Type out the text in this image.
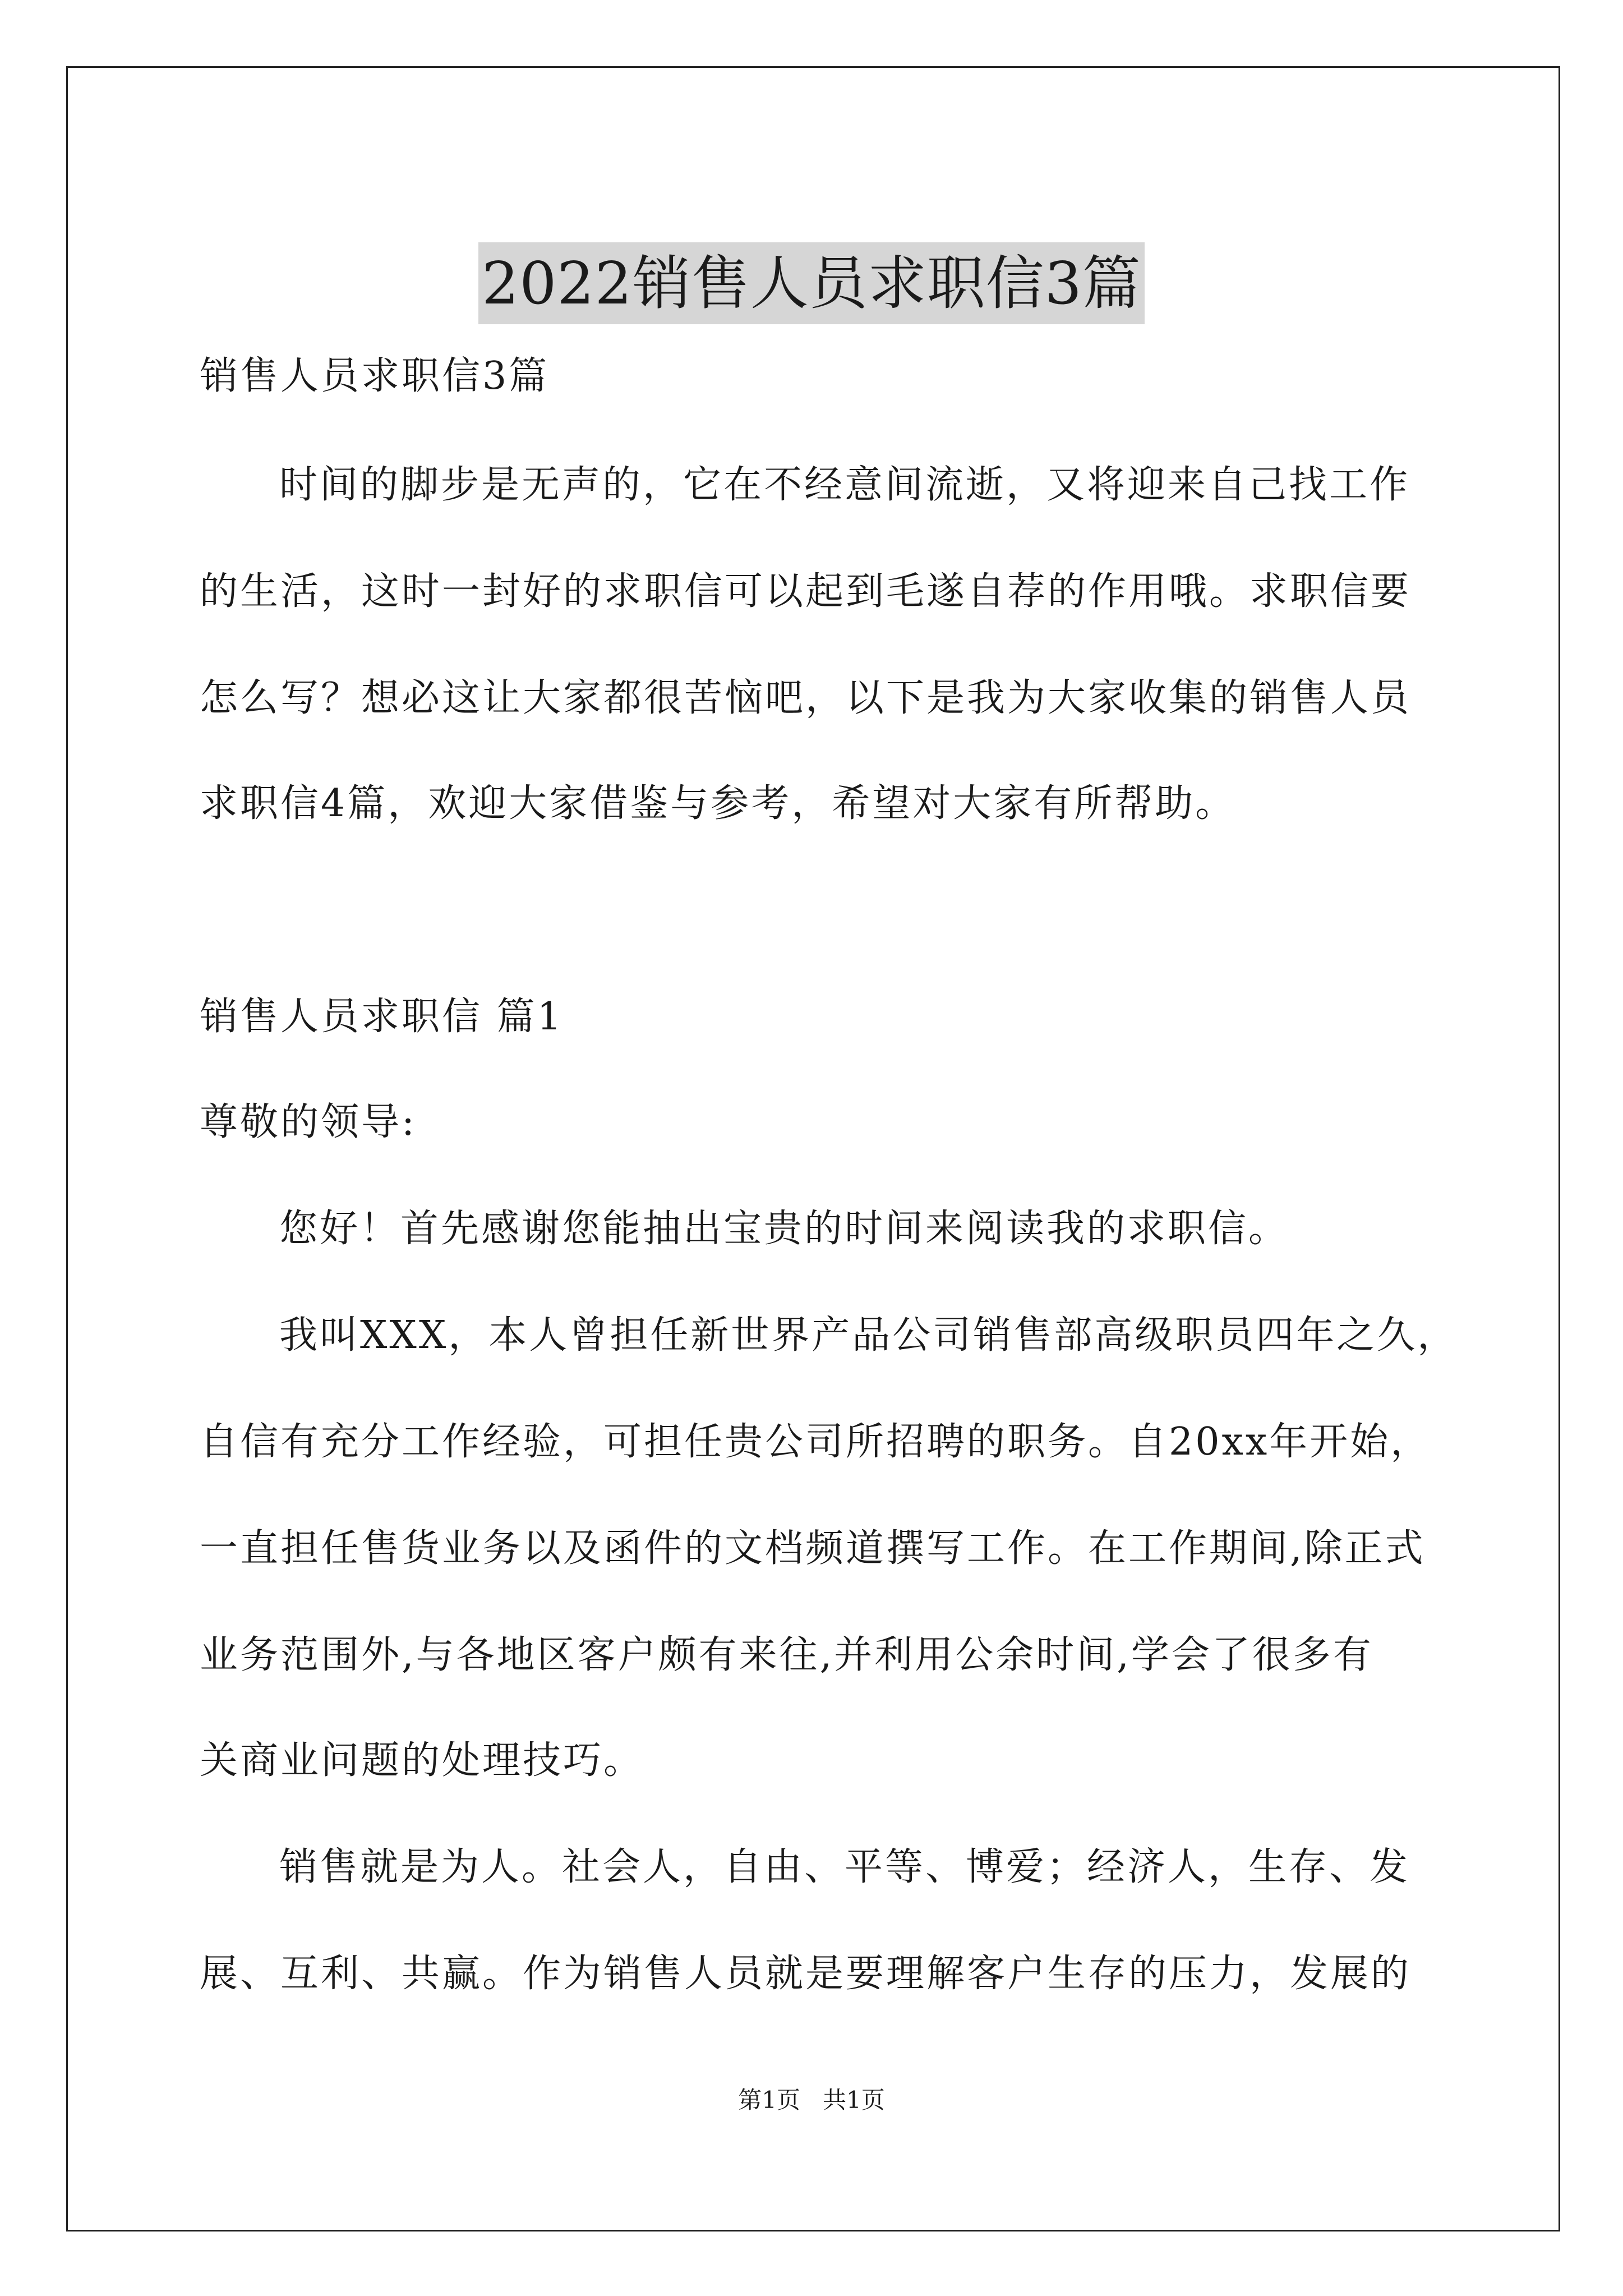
2022销售人员求职信3篇
销售人员求职信3篇
时间的脚步是无声的，它在不经意间流逝，又将迎来自己找工作
的生活，这时一封好的求职信可以起到毛遂自荐的作用哦。求职信要
怎么写？想必这让大家都很苦恼吧，以下是我为大家收集的销售人员
求职信4篇，欢迎大家借鉴与参考，希望对大家有所帮助。
销售人员求职信 篇1
尊敬的领导:
您好！首先感谢您能抽出宝贵的时间来阅读我的求职信。
我叫XXX，本人曾担任新世界产品公司销售部高级职员四年之久，
自信有充分工作经验，可担任贵公司所招聘的职务。自20xx年开始，
一直担任售货业务以及函件的文档频道撰写工作。在工作期间,除正式
业务范围外,与各地区客户颇有来往,并利用公余时间,学会了很多有
关商业问题的处理技巧。
销售就是为人。社会人，自由、平等、博爱；经济人，生存、发
展、互利、共赢。作为销售人员就是要理解客户生存的压力，发展的
第1页   共1页
